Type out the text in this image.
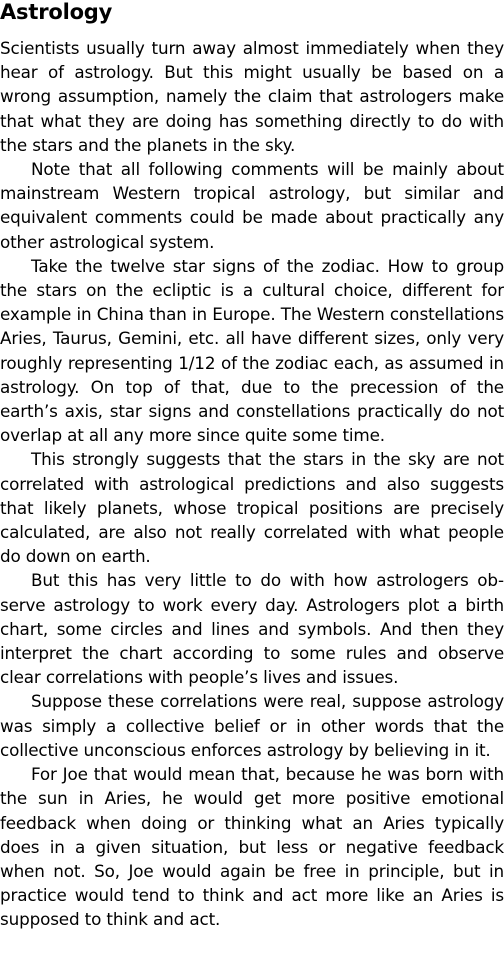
Astrology

Scientists usually turn away almost immediately when they hear of astrology. But this might usually be based on a wrong assumption, namely the claim that astrologers make that what they are doing has something directly to do with the stars and the planets in the sky.

Note that all following comments will be mainly about mainstream Western tropical astrology, but similar and equivalent comments could be made about practically any other astrological system.

Take the twelve star signs of the zodiac. How to group the stars on the ecliptic is a cultural choice, different for example in China than in Europe. The Western constellations Aries, Taurus, Gemini, etc. all have different sizes, only very roughly representing 1/12 of the zodiac each, as assumed in astrology. On top of that, due to the precession of the earth’s axis, star signs and constellations practically do not overlap at all any more since quite some time.

This strongly suggests that the stars in the sky are not correlated with astrological predictions and also suggests that likely planets, whose tropical positions are precisely calculated, are also not really correlated with what people do down on earth.

But this has very little to do with how astrologers observe astrology to work every day. Astrologers plot a birth chart, some circles and lines and symbols. And then they interpret the chart according to some rules and observe clear correlations with people’s lives and issues.

Suppose these correlations were real, suppose astrology was simply a collective belief or in other words that the collective unconscious enforces astrology by believing in it.

For Joe that would mean that, because he was born with the sun in Aries, he would get more positive emotional feedback when doing or thinking what an Aries typically does in a given situation, but less or negative feedback when not. So, Joe would again be free in principle, but in practice would tend to think and act more like an Aries is supposed to think and act.
